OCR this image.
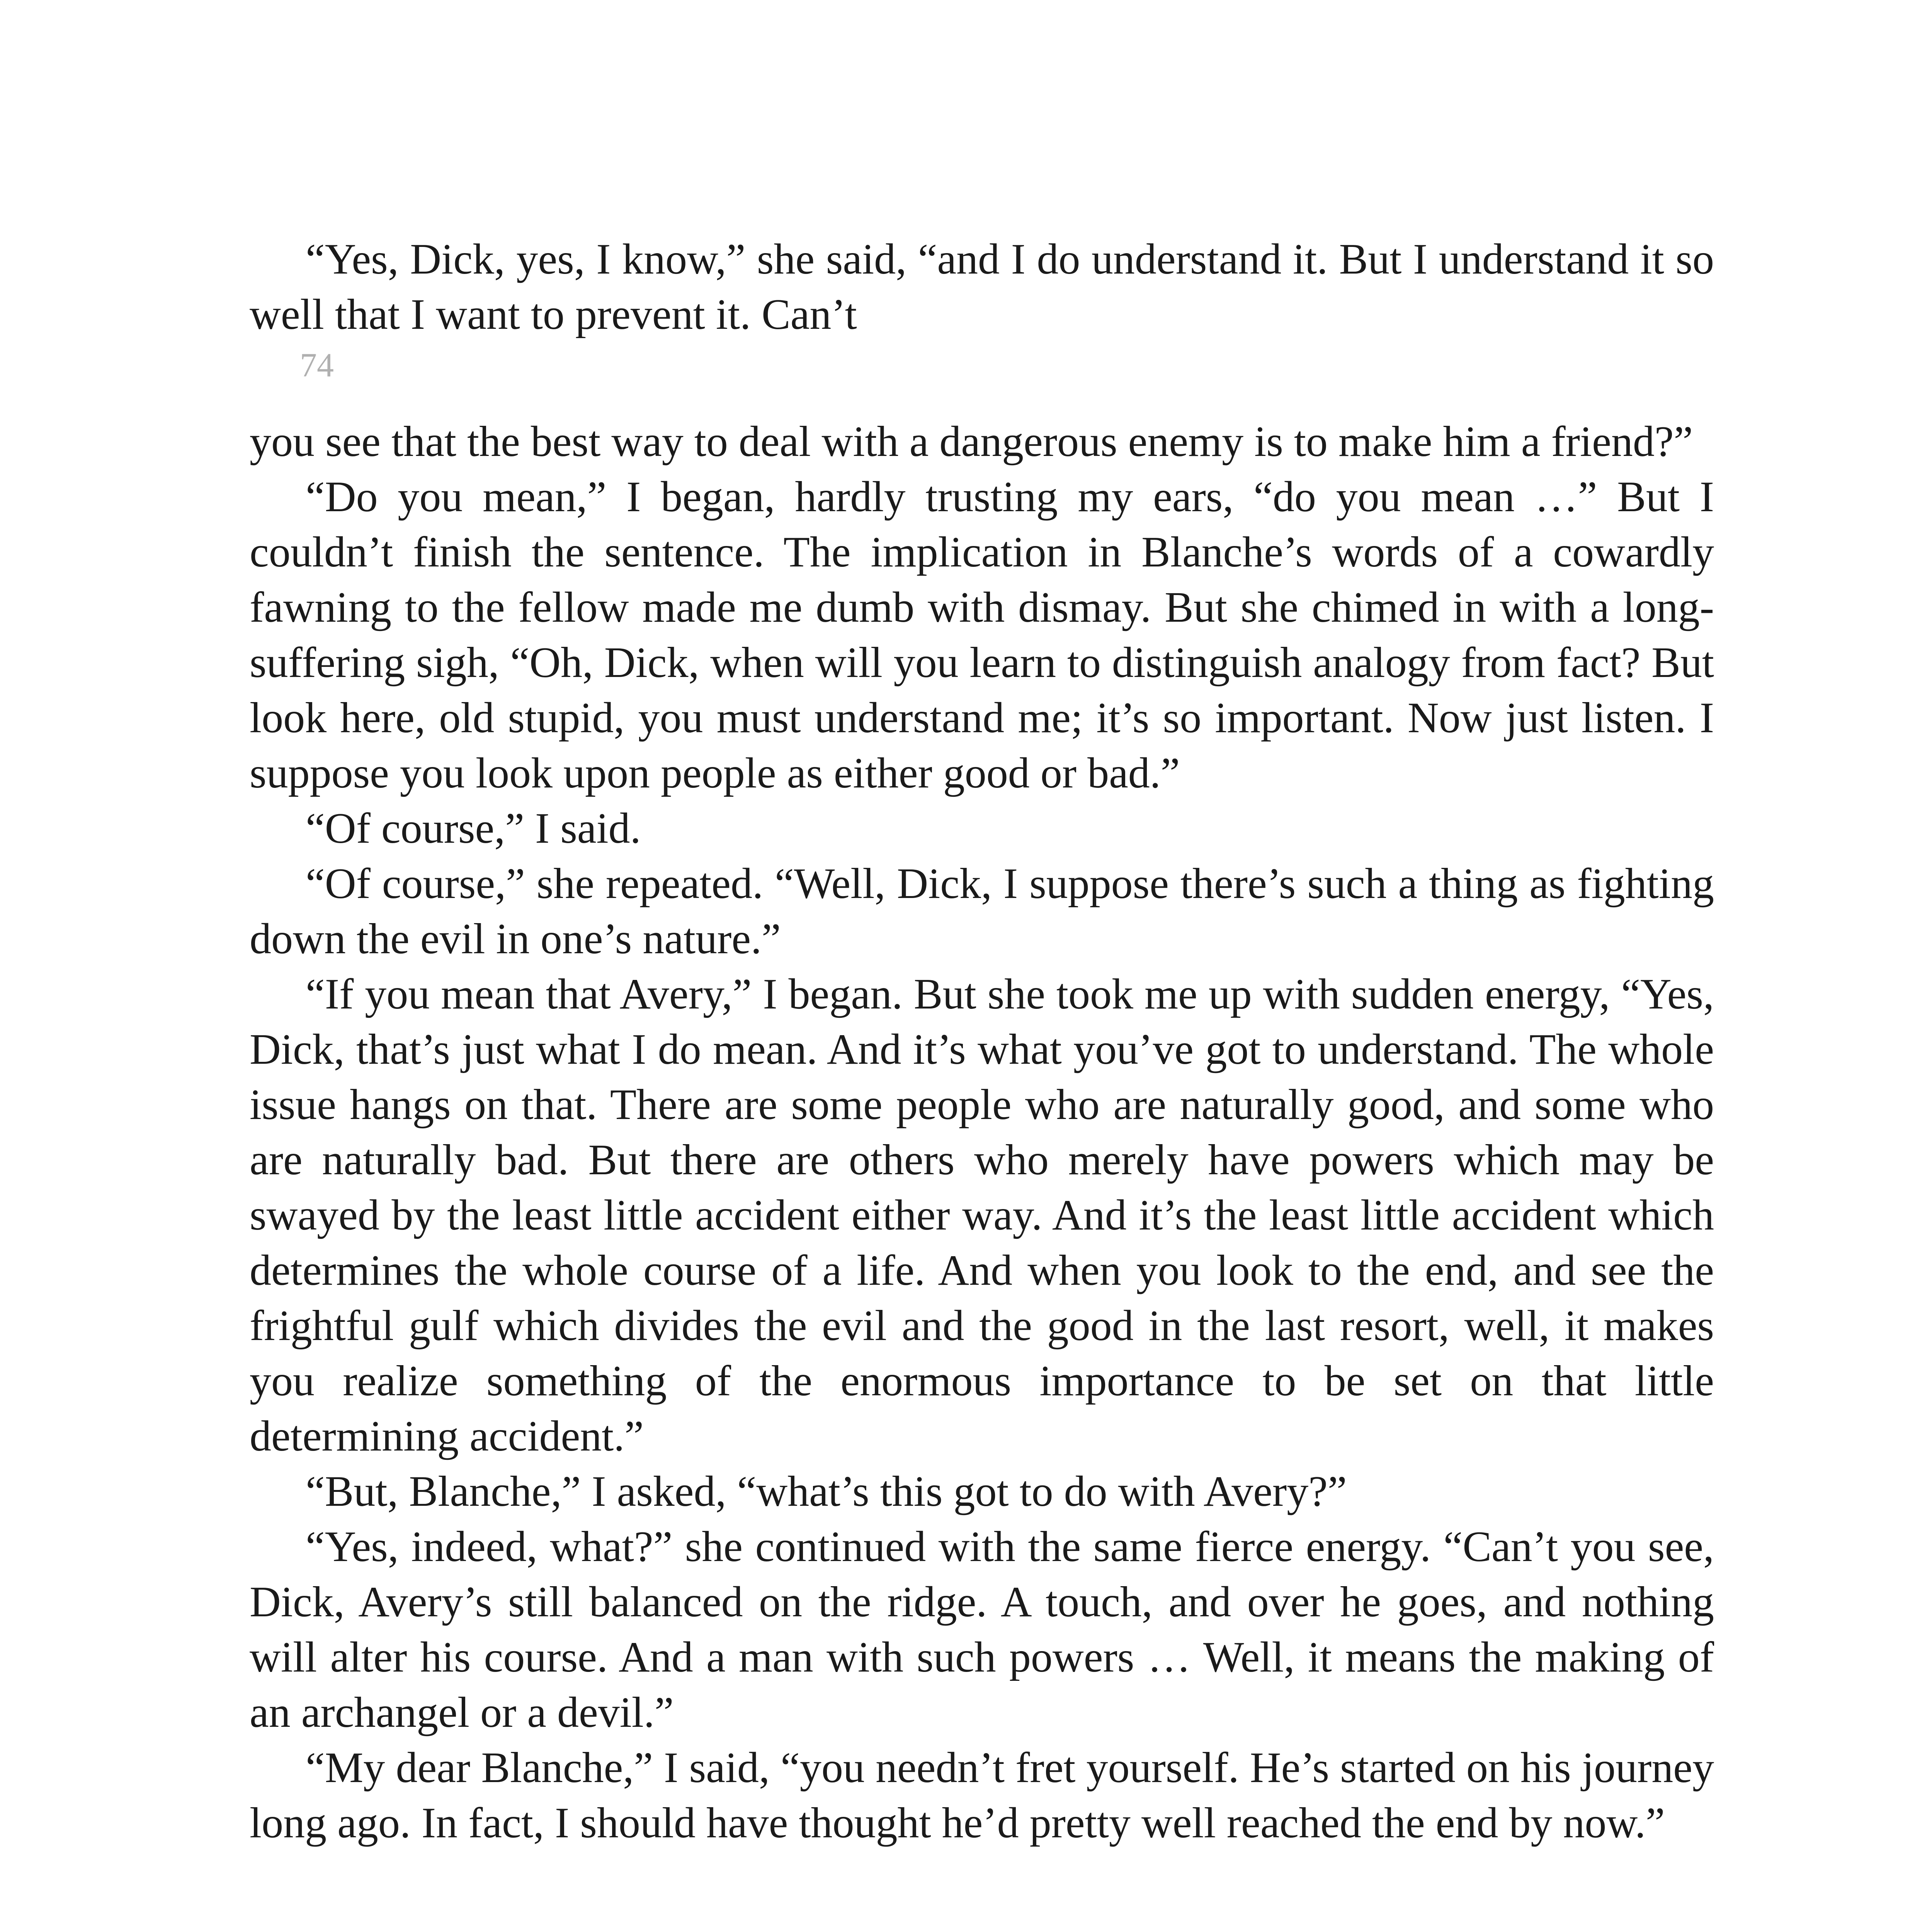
“Yes, Dick, yes, I know,” she said, “and I do understand it. But I understand it so well that I want to prevent it. Can’t

74

you see that the best way to deal with a dangerous enemy is to make him a friend?”

“Do you mean,” I began, hardly trusting my ears, “do you mean …” But I couldn’t finish the sentence. The implication in Blanche’s words of a cowardly fawning to the fellow made me dumb with dismay. But she chimed in with a long-suffering sigh, “Oh, Dick, when will you learn to distinguish analogy from fact? But look here, old stupid, you must understand me; it’s so important. Now just listen. I suppose you look upon people as either good or bad.”

“Of course,” I said.

“Of course,” she repeated. “Well, Dick, I suppose there’s such a thing as fighting down the evil in one’s nature.”

“If you mean that Avery,” I began. But she took me up with sudden energy, “Yes, Dick, that’s just what I do mean. And it’s what you’ve got to understand. The whole issue hangs on that. There are some people who are naturally good, and some who are naturally bad. But there are others who merely have powers which may be swayed by the least little accident either way. And it’s the least little accident which determines the whole course of a life. And when you look to the end, and see the frightful gulf which divides the evil and the good in the last resort, well, it makes you realize something of the enormous importance to be set on that little determining accident.”

“But, Blanche,” I asked, “what’s this got to do with Avery?”

“Yes, indeed, what?” she continued with the same fierce energy. “Can’t you see, Dick, Avery’s still balanced on the ridge. A touch, and over he goes, and nothing will alter his course. And a man with such powers … Well, it means the making of an archangel or a devil.”

“My dear Blanche,” I said, “you needn’t fret yourself. He’s started on his journey long ago. In fact, I should have thought he’d pretty well reached the end by now.”
